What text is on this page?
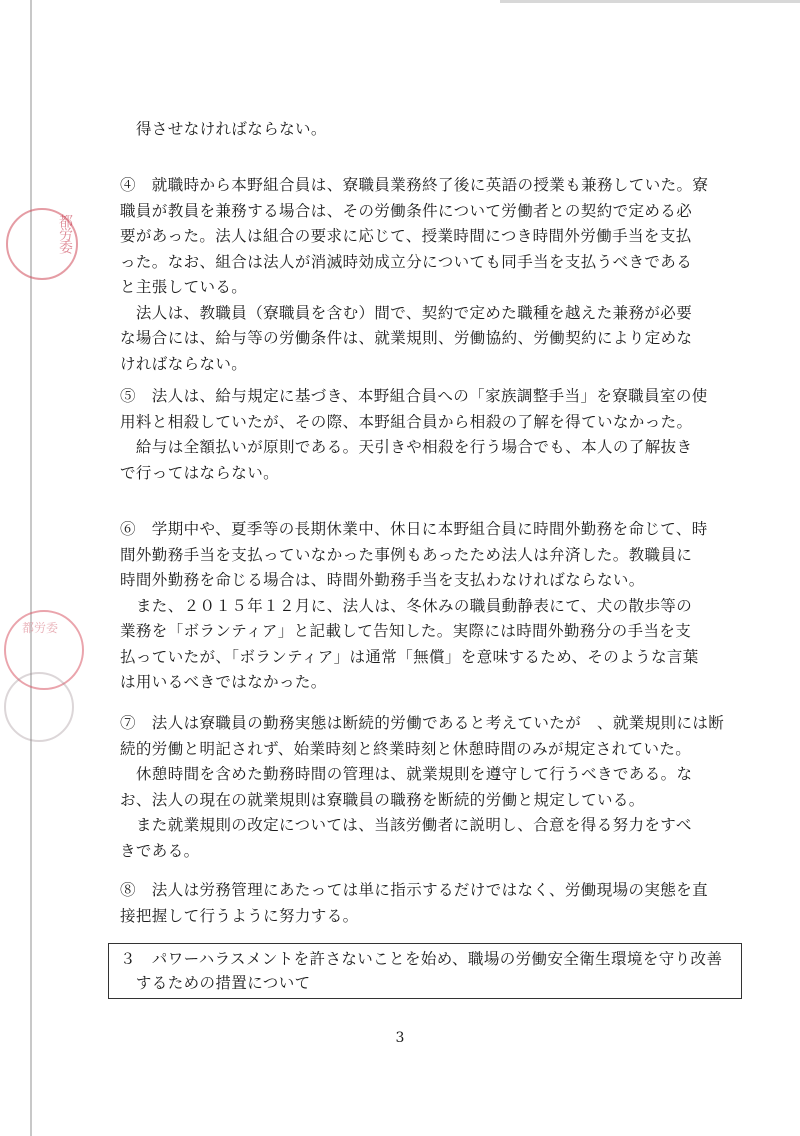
都労委
都労委
得させなければならない。
④　就職時から本野組合員は、寮職員業務終了後に英語の授業も兼務していた。寮
職員が教員を兼務する場合は、その労働条件について労働者との契約で定める必
要があった。法人は組合の要求に応じて、授業時間につき時間外労働手当を支払
った。なお、組合は法人が消滅時効成立分についても同手当を支払うべきである
と主張している。
　法人は、教職員（寮職員を含む）間で、契約で定めた職種を越えた兼務が必要
な場合には、給与等の労働条件は、就業規則、労働協約、労働契約により定めな
ければならない。
⑤　法人は、給与規定に基づき、本野組合員への「家族調整手当」を寮職員室の使
用料と相殺していたが、その際、本野組合員から相殺の了解を得ていなかった。
　給与は全額払いが原則である。天引きや相殺を行う場合でも、本人の了解抜き
で行ってはならない。
⑥　学期中や、夏季等の長期休業中、休日に本野組合員に時間外勤務を命じて、時
間外勤務手当を支払っていなかった事例もあったため法人は弁済した。教職員に
時間外勤務を命じる場合は、時間外勤務手当を支払わなければならない。
　また、２０１５年１２月に、法人は、冬休みの職員動静表にて、犬の散歩等の
業務を「ボランティア」と記載して告知した。実際には時間外勤務分の手当を支
払っていたが、「ボランティア」は通常「無償」を意味するため、そのような言葉
は用いるべきではなかった。
⑦　法人は寮職員の勤務実態は断続的労働であると考えていたが　、就業規則には断
続的労働と明記されず、始業時刻と終業時刻と休憩時間のみが規定されていた。
　休憩時間を含めた勤務時間の管理は、就業規則を遵守して行うべきである。な
お、法人の現在の就業規則は寮職員の職務を断続的労働と規定している。
　また就業規則の改定については、当該労働者に説明し、合意を得る努力をすべ
きである。
⑧　法人は労務管理にあたっては単に指示するだけではなく、労働現場の実態を直
接把握して行うように努力する。
３　パワーハラスメントを許さないことを始め、職場の労働安全衛生環境を守り改善
　するための措置について
3
